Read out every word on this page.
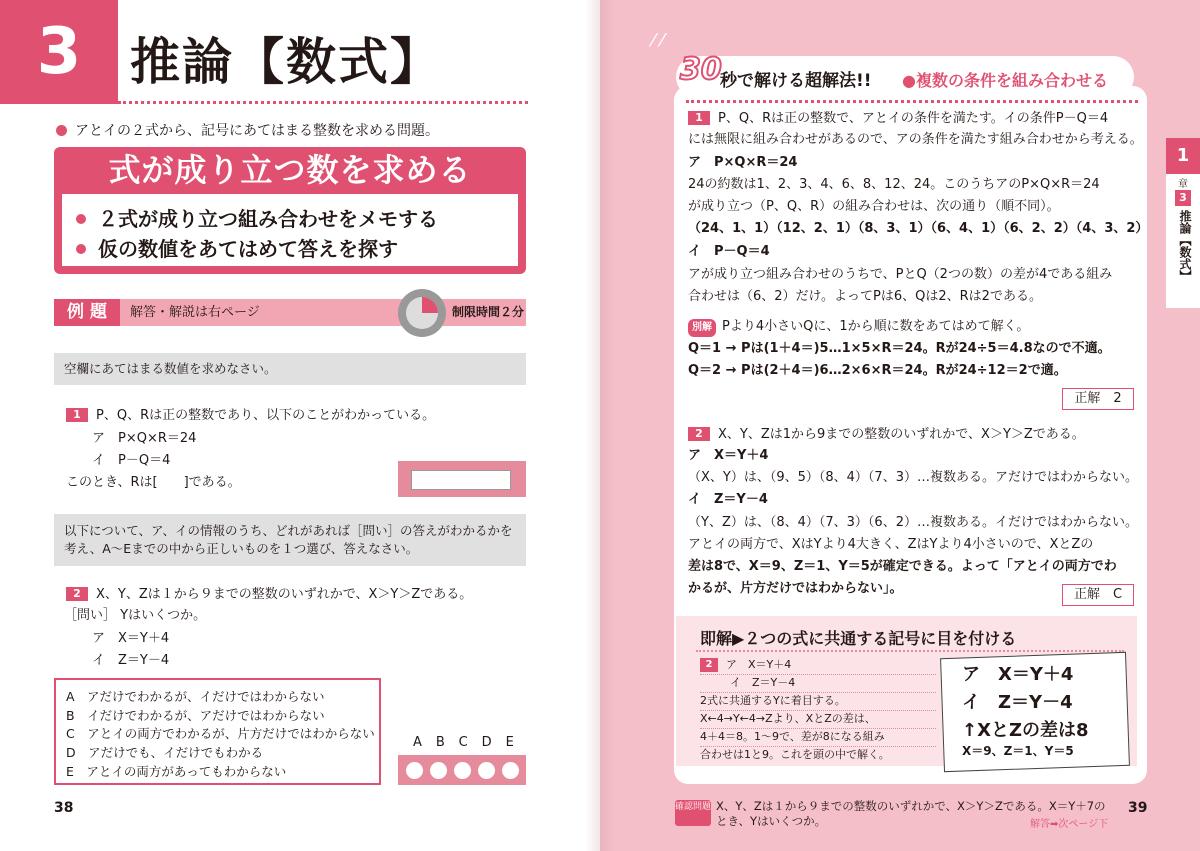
3 推論【数式】
アとイの２式から、記号にあてはまる整数を求める問題。
式が成り立つ数を求める
２式が成り立つ組み合わせをメモする
仮の数値をあてはめて答えを探す
例 題	解答・解説は右ページ	制限時間２分
空欄にあてはまる数値を求めなさい。
1 P、Q、Rは正の整数であり、以下のことがわかっている。
ア　P×Q×R＝24
イ　P－Q＝4
このとき、Rは[　　]である。
以下について、ア、イの情報のうち、どれがあれば［問い］の答えがわかるかを
考え、A～Eまでの中から正しいものを１つ選び、答えなさい。
2 X、Y、Zは１から９までの整数のいずれかで、X＞Y＞Zである。
［問い］ Yはいくつか。
ア　X＝Y＋4
イ　Z＝Y－4
A　アだけでわかるが、イだけではわからない
B　イだけでわかるが、アだけではわからない
C　アとイの両方でわかるが、片方だけではわからない
D　アだけでも、イだけでもわかる
E　アとイの両方があってもわからない
ABCDE
38
⁄ ⁄
30
秒で解ける超解法!! ●複数の条件を組み合わせる
1
章
3
推論【数式】
1 P、Q、Rは正の整数で、アとイの条件を満たす。イの条件P－Q＝4
には無限に組み合わせがあるので、アの条件を満たす組み合わせから考える。
ア　P×Q×R＝24
24の約数は1、2、3、4、6、8、12、24。このうちアのP×Q×R＝24
が成り立つ（P、Q、R）の組み合わせは、次の通り（順不同）。
（24、1、1）（12、2、1）（8、3、1）（6、4、1）（6、2、2）（4、3、2）
イ　P－Q＝4
アが成り立つ組み合わせのうちで、PとQ（2つの数）の差が4である組み
合わせは（6、2）だけ。よってPは6、Qは2、Rは2である。
別解 Pより4小さいQに、1から順に数をあてはめて解く。
Q＝1 → Pは(1＋4＝)5…1×5×R＝24。Rが24÷5＝4.8なので不適。
Q＝2 → Pは(2＋4＝)6…2×6×R＝24。Rが24÷12＝2で適。
正解　2
2 X、Y、Zは1から9までの整数のいずれかで、X＞Y＞Zである。
ア　X＝Y＋4
（X、Y）は、（9、5）（8、4）（7、3）…複数ある。アだけではわからない。
イ　Z＝Y－4
（Y、Z）は、（8、4）（7、3）（6、2）…複数ある。イだけではわからない。
アとイの両方で、XはYより4大きく、ZはYより4小さいので、XとZの
差は8で、X＝9、Z＝1、Y＝5が確定できる。よって「アとイの両方でわ
かるが、片方だけではわからない」。	正解　C
即解▶２つの式に共通する記号に目を付ける
2 ア　X＝Y＋4
イ　Z＝Y－4
2式に共通するYに着目する。
X←4→Y←4→Zより、XとZの差は、
4＋4＝8。1～9で、差が8になる組み
合わせは1と9。これを頭の中で解く。
ア　X＝Y＋4
イ　Z＝Y－4
↑XとZの差は8
X＝9、Z＝1、Y＝5
確認問題 X、Y、Zは１から９までの整数のいずれかで、X＞Y＞Zである。X＝Y＋7のとき、Yはいくつか。	解答➡次ページ下
39
